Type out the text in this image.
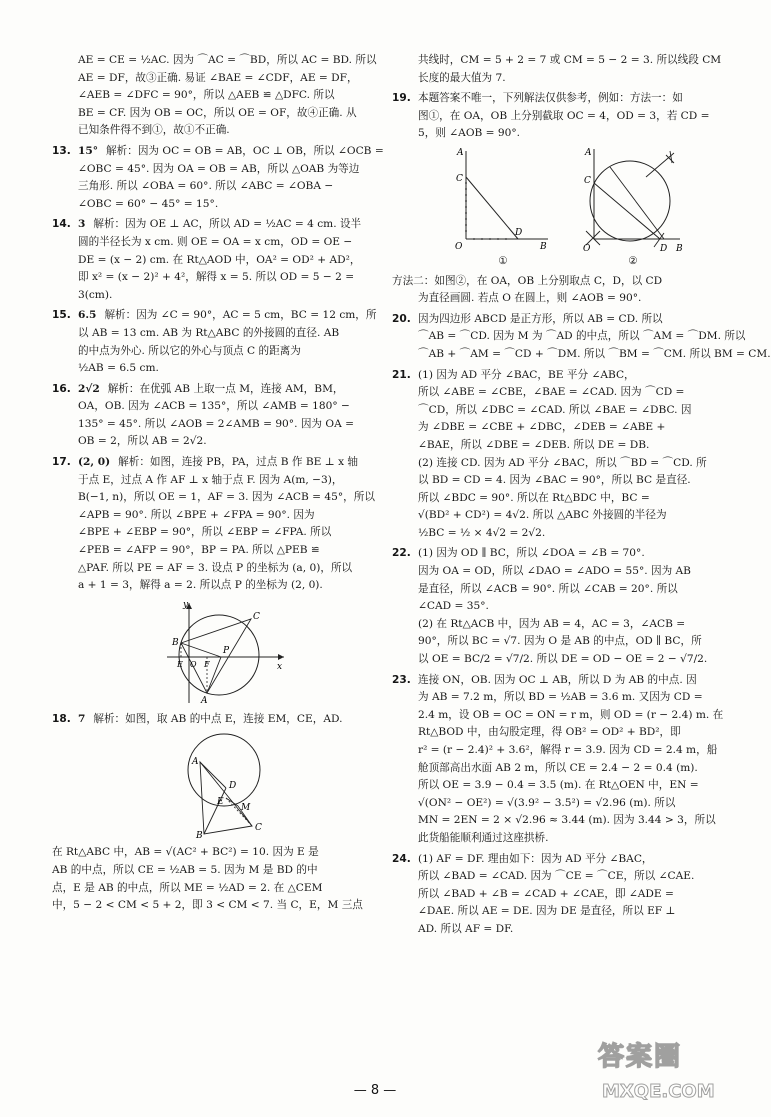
AE = CE = ½AC. 因为 ⌒AC = ⌒BD，所以 AC = BD. 所以
AE = DF，故③正确. 易证 ∠BAE = ∠CDF，AE = DF，
∠AEB = ∠DFC = 90°，所以 △AEB ≌ △DFC. 所以
BE = CF. 因为 OB = OC，所以 OE = OF，故④正确. 从
已知条件得不到①，故①不正确.
13. 15° 解析：因为 OC = OB = AB，OC ⊥ OB，所以 ∠OCB =
∠OBC = 45°. 因为 OA = OB = AB，所以 △OAB 为等边
三角形. 所以 ∠OBA = 60°. 所以 ∠ABC = ∠OBA −
∠OBC = 60° − 45° = 15°.
14. 3 解析：因为 OE ⊥ AC，所以 AD = ½AC = 4 cm. 设半
圆的半径长为 x cm. 则 OE = OA = x cm，OD = OE −
DE = (x − 2) cm. 在 Rt△AOD 中，OA² = OD² + AD²，
即 x² = (x − 2)² + 4²，解得 x = 5. 所以 OD = 5 − 2 =
3(cm).
15. 6.5 解析：因为 ∠C = 90°，AC = 5 cm，BC = 12 cm，所
以 AB = 13 cm. AB 为 Rt△ABC 的外接圆的直径. AB
的中点为外心. 所以它的外心与顶点 C 的距离为
½AB = 6.5 cm.
16. 2√2 解析：在优弧 AB 上取一点 M，连接 AM，BM，
OA，OB. 因为 ∠ACB = 135°，所以 ∠AMB = 180° −
135° = 45°. 所以 ∠AOB = 2∠AMB = 90°. 因为 OA =
OB = 2，所以 AB = 2√2.
17. (2, 0) 解析：如图，连接 PB，PA，过点 B 作 BE ⊥ x 轴
于点 E，过点 A 作 AF ⊥ x 轴于点 F. 因为 A(m, −3)，
B(−1, n)，所以 OE = 1，AF = 3. 因为 ∠ACB = 45°，所以
∠APB = 90°. 所以 ∠BPE + ∠FPA = 90°. 因为
∠BPE + ∠EBP = 90°，所以 ∠EBP = ∠FPA. 所以
∠PEB = ∠AFP = 90°，BP = PA. 所以 △PEB ≌
△PAF. 所以 PE = AF = 3. 设点 P 的坐标为 (a, 0)，所以
a + 1 = 3，解得 a = 2. 所以点 P 的坐标为 (2, 0).
y
x
C
B
E O F
P
A
18. 7 解析：如图，取 AB 的中点 E，连接 EM，CE，AD.
A
D
M
E
C
B
在 Rt△ABC 中，AB = √(AC² + BC²) = 10. 因为 E 是
AB 的中点，所以 CE = ½AB = 5. 因为 M 是 BD 的中
点，E 是 AB 的中点，所以 ME = ½AD = 2. 在 △CEM
中，5 − 2 < CM < 5 + 2，即 3 < CM < 7. 当 C，E，M 三点
共线时，CM = 5 + 2 = 7 或 CM = 5 − 2 = 3. 所以线段 CM
长度的最大值为 7.
19. 本题答案不唯一，下列解法仅供参考，例如：方法一：如
图①，在 OA，OB 上分别截取 OC = 4，OD = 3，若 CD =
5，则 ∠AOB = 90°.
A
C
O
D
B
A
C
O	D B
①	②
方法二：如图②，在 OA，OB 上分别取点 C，D，以 CD
为直径画圆. 若点 O 在圆上，则 ∠AOB = 90°.
20. 因为四边形 ABCD 是正方形，所以 AB = CD. 所以
⌒AB = ⌒CD. 因为 M 为 ⌒AD 的中点，所以 ⌒AM = ⌒DM. 所以
⌒AB + ⌒AM = ⌒CD + ⌒DM. 所以 ⌒BM = ⌒CM. 所以 BM = CM.
21. (1) 因为 AD 平分 ∠BAC，BE 平分 ∠ABC，
所以 ∠ABE = ∠CBE，∠BAE = ∠CAD. 因为 ⌒CD =
⌒CD，所以 ∠DBC = ∠CAD. 所以 ∠BAE = ∠DBC. 因
为 ∠DBE = ∠CBE + ∠DBC，∠DEB = ∠ABE +
∠BAE，所以 ∠DBE = ∠DEB. 所以 DE = DB.
(2) 连接 CD. 因为 AD 平分 ∠BAC，所以 ⌒BD = ⌒CD. 所
以 BD = CD = 4. 因为 ∠BAC = 90°，所以 BC 是直径.
所以 ∠BDC = 90°. 所以在 Rt△BDC 中，BC =
√(BD² + CD²) = 4√2. 所以 △ABC 外接圆的半径为
½BC = ½ × 4√2 = 2√2.
22. (1) 因为 OD ∥ BC，所以 ∠DOA = ∠B = 70°.
因为 OA = OD，所以 ∠DAO = ∠ADO = 55°. 因为 AB
是直径，所以 ∠ACB = 90°. 所以 ∠CAB = 20°. 所以
∠CAD = 35°.
(2) 在 Rt△ACB 中，因为 AB = 4，AC = 3，∠ACB =
90°，所以 BC = √7. 因为 O 是 AB 的中点，OD ∥ BC，所
以 OE = BC/2 = √7/2. 所以 DE = OD − OE = 2 − √7/2.
23. 连接 ON，OB. 因为 OC ⊥ AB，所以 D 为 AB 的中点. 因
为 AB = 7.2 m，所以 BD = ½AB = 3.6 m. 又因为 CD =
2.4 m，设 OB = OC = ON = r m，则 OD = (r − 2.4) m. 在
Rt△BOD 中，由勾股定理，得 OB² = OD² + BD²，即
r² = (r − 2.4)² + 3.6²，解得 r = 3.9. 因为 CD = 2.4 m，船
舱顶部高出水面 AB 2 m，所以 CE = 2.4 − 2 = 0.4 (m).
所以 OE = 3.9 − 0.4 = 3.5 (m). 在 Rt△OEN 中，EN =
√(ON² − OE²) = √(3.9² − 3.5²) = √2.96 (m). 所以
MN = 2EN = 2 × √2.96 ≈ 3.44 (m). 因为 3.44 > 3，所以
此货船能顺利通过这座拱桥.
24. (1) AF = DF. 理由如下：因为 AD 平分 ∠BAC，
所以 ∠BAD = ∠CAD. 因为 ⌒CE = ⌒CE，所以 ∠CAE.
所以 ∠BAD + ∠B = ∠CAD + ∠CAE，即 ∠ADE =
∠DAE. 所以 AE = DE. 因为 DE 是直径，所以 EF ⊥
AD. 所以 AF = DF.
— 8 —
答案圈
MXQE.COM
